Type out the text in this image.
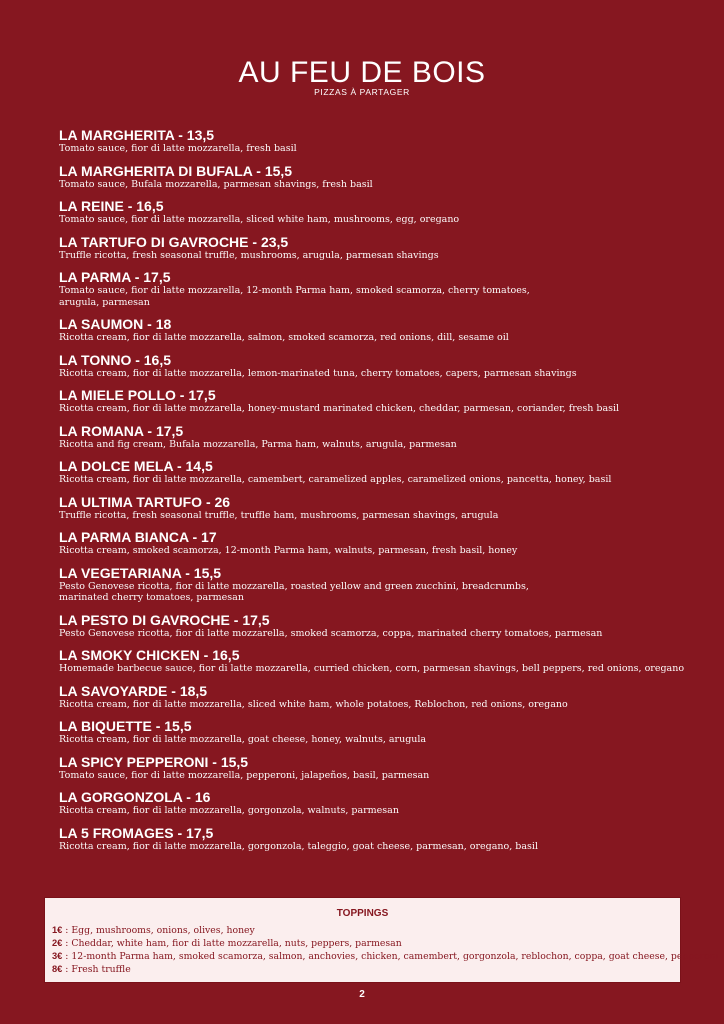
AU FEU DE BOIS
PIZZAS À PARTAGER
LA MARGHERITA - 13,5
Tomato sauce, fior di latte mozzarella, fresh basil
LA MARGHERITA DI BUFALA - 15,5
Tomato sauce, Bufala mozzarella, parmesan shavings, fresh basil
LA REINE - 16,5
Tomato sauce, fior di latte mozzarella, sliced white ham, mushrooms, egg, oregano
LA TARTUFO DI GAVROCHE - 23,5
Truffle ricotta, fresh seasonal truffle, mushrooms, arugula, parmesan shavings
LA PARMA - 17,5
Tomato sauce, fior di latte mozzarella, 12-month Parma ham, smoked scamorza, cherry tomatoes,
arugula, parmesan
LA SAUMON - 18
Ricotta cream, fior di latte mozzarella, salmon, smoked scamorza, red onions, dill, sesame oil
LA TONNO - 16,5
Ricotta cream, fior di latte mozzarella, lemon-marinated tuna, cherry tomatoes, capers, parmesan shavings
LA MIELE POLLO - 17,5
Ricotta cream, fior di latte mozzarella, honey-mustard marinated chicken, cheddar, parmesan, coriander, fresh basil
LA ROMANA - 17,5
Ricotta and fig cream, Bufala mozzarella, Parma ham, walnuts, arugula, parmesan
LA DOLCE MELA - 14,5
Ricotta cream, fior di latte mozzarella, camembert, caramelized apples, caramelized onions, pancetta, honey, basil
LA ULTIMA TARTUFO - 26
Truffle ricotta, fresh seasonal truffle, truffle ham, mushrooms, parmesan shavings, arugula
LA PARMA BIANCA - 17
Ricotta cream, smoked scamorza, 12-month Parma ham, walnuts, parmesan, fresh basil, honey
LA VEGETARIANA - 15,5
Pesto Genovese ricotta, fior di latte mozzarella, roasted yellow and green zucchini, breadcrumbs,
marinated cherry tomatoes, parmesan
LA PESTO DI GAVROCHE - 17,5
Pesto Genovese ricotta, fior di latte mozzarella, smoked scamorza, coppa, marinated cherry tomatoes, parmesan
LA SMOKY CHICKEN - 16,5
Homemade barbecue sauce, fior di latte mozzarella, curried chicken, corn, parmesan shavings, bell peppers, red onions, oregano
LA SAVOYARDE - 18,5
Ricotta cream, fior di latte mozzarella, sliced white ham, whole potatoes, Reblochon, red onions, oregano
LA BIQUETTE - 15,5
Ricotta cream, fior di latte mozzarella, goat cheese, honey, walnuts, arugula
LA SPICY PEPPERONI - 15,5
Tomato sauce, fior di latte mozzarella, pepperoni, jalapeños, basil, parmesan
LA GORGONZOLA - 16
Ricotta cream, fior di latte mozzarella, gorgonzola, walnuts, parmesan
LA 5 FROMAGES - 17,5
Ricotta cream, fior di latte mozzarella, gorgonzola, taleggio, goat cheese, parmesan, oregano, basil
TOPPINGS
1€ : Egg, mushrooms, onions, olives, honey
2€ : Cheddar, white ham, fior di latte mozzarella, nuts, peppers, parmesan
3€ : 12-month Parma ham, smoked scamorza, salmon, anchovies, chicken, camembert, gorgonzola, reblochon, coppa, goat cheese, pepperoni
8€ : Fresh truffle
2
